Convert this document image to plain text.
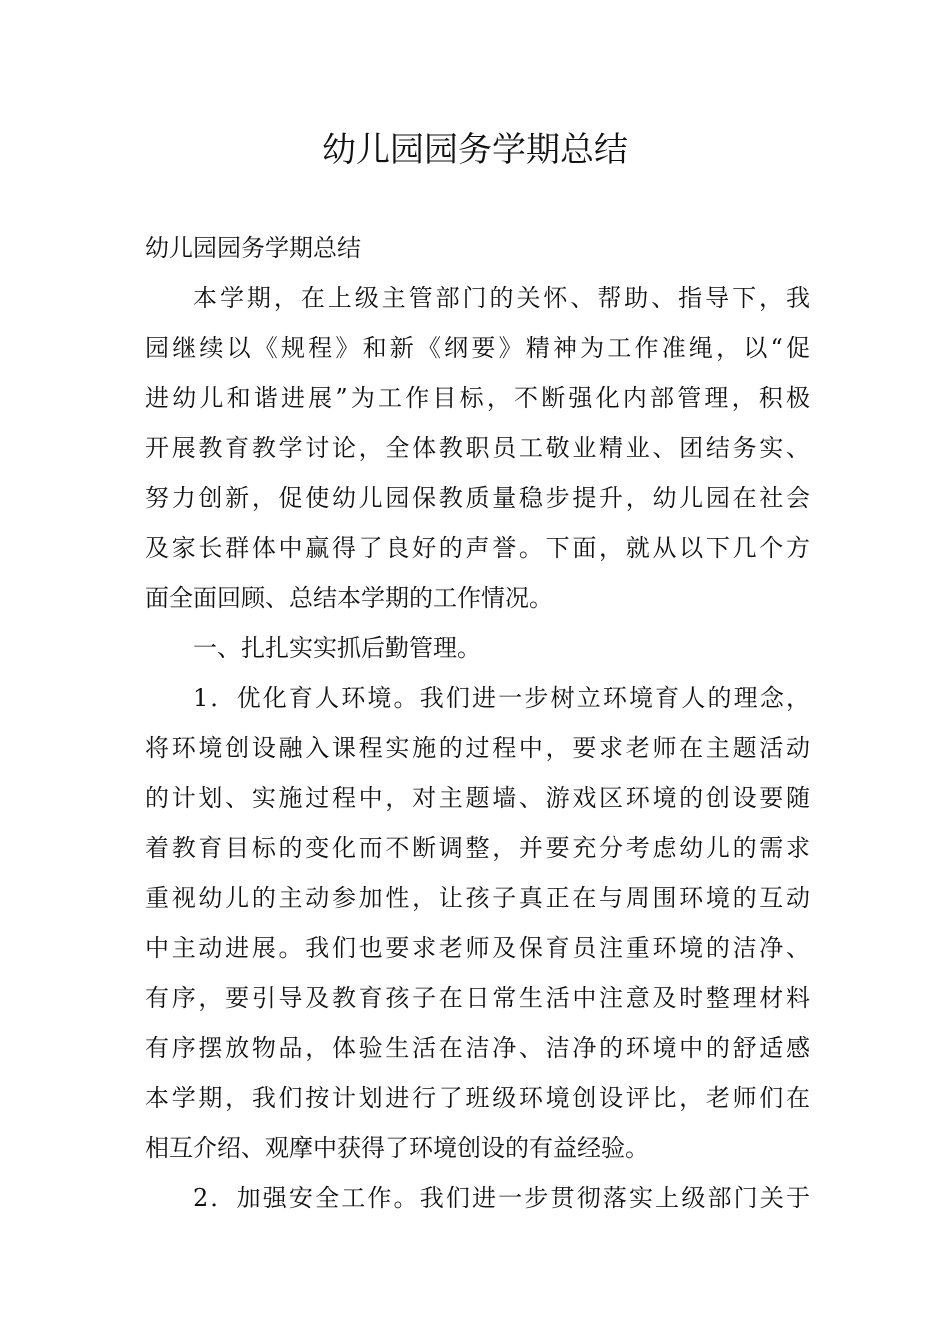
幼儿园园务学期总结
幼儿园园务学期总结
本学期，在上级主管部门的关怀、帮助、指导下，我
园继续以《规程》和新《纲要》精神为工作准绳，以“促
进幼儿和谐进展”为工作目标，不断强化内部管理，积极
开展教育教学讨论，全体教职员工敬业精业、团结务实、
努力创新，促使幼儿园保教质量稳步提升，幼儿园在社会
及家长群体中赢得了良好的声誉。下面，就从以下几个方
面全面回顾、总结本学期的工作情况。
一、扎扎实实抓后勤管理。
1．优化育人环境。我们进一步树立环境育人的理念，
将环境创设融入课程实施的过程中，要求老师在主题活动
的计划、实施过程中，对主题墙、游戏区环境的创设要随
着教育目标的变化而不断调整，并要充分考虑幼儿的需求
重视幼儿的主动参加性，让孩子真正在与周围环境的互动
中主动进展。我们也要求老师及保育员注重环境的洁净、
有序，要引导及教育孩子在日常生活中注意及时整理材料
有序摆放物品，体验生活在洁净、洁净的环境中的舒适感
本学期，我们按计划进行了班级环境创设评比，老师们在
相互介绍、观摩中获得了环境创设的有益经验。
2．加强安全工作。我们进一步贯彻落实上级部门关于
